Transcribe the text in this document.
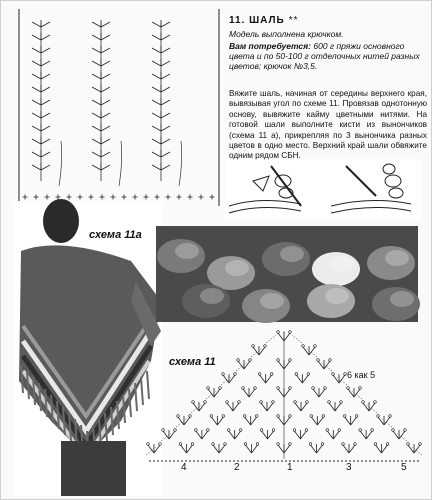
11. ШАЛЬ **
Модель выполнена крючком.
Вам потребуется: 600 г пряжи основного цвета и по 50-100 г отделочных нитей разных цветов; крючок №3,5.
Вяжите шаль, начиная от середины верхнего края, вывязывая угол по схеме 11. Провязав однотонную основу, вывяжите кайму цветными нитями. На готовой шали выполните кисти из вынончиков (схема 11 а), прикрепляя по 3 вынончика разных цветов в одно место. Верхний край шали обвяжите одним рядом СБН.
схема 11а
схема 11
6 как 5
4	2	1	3	5
